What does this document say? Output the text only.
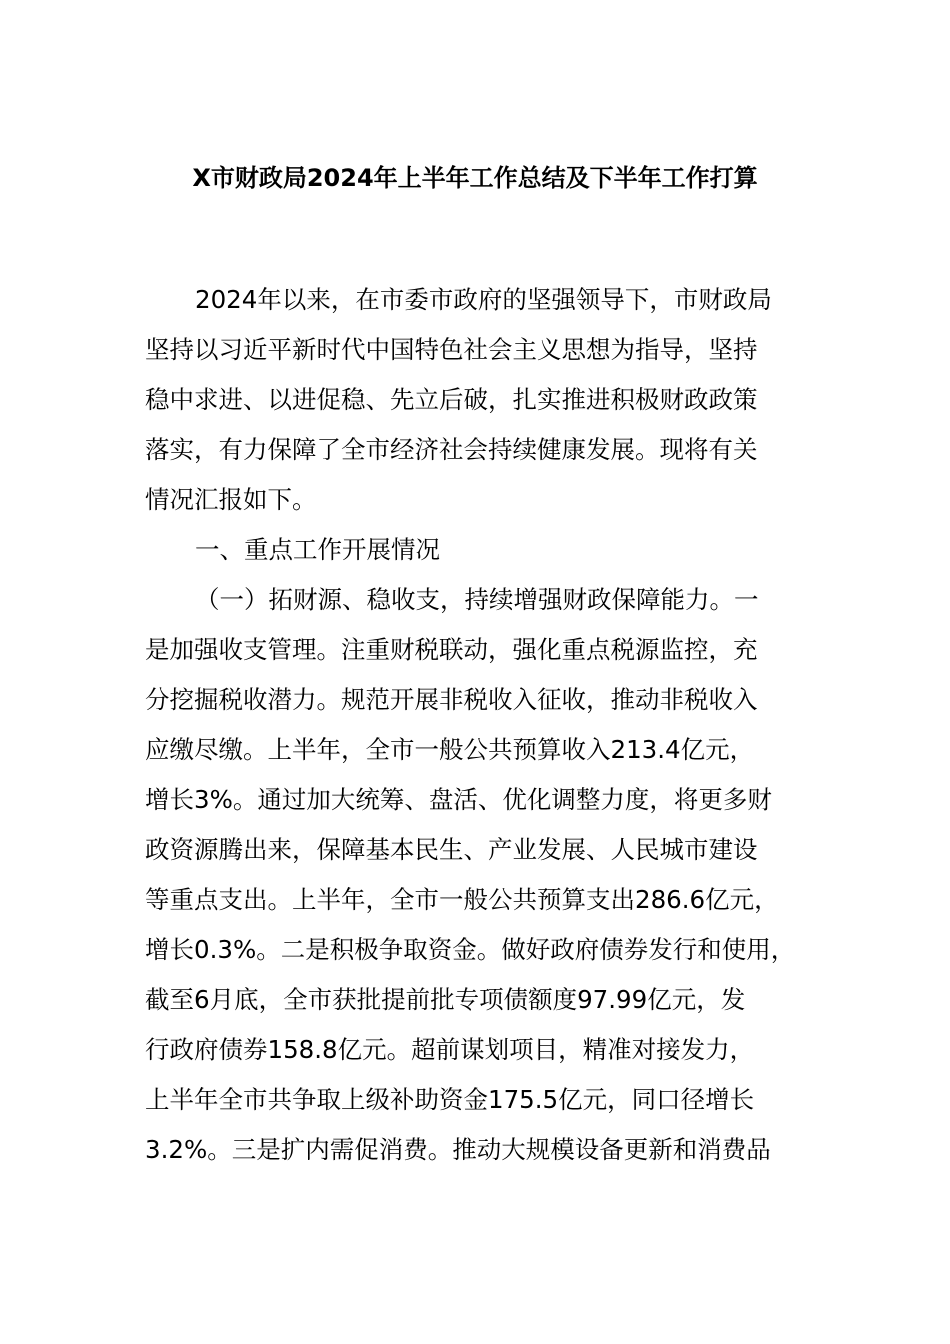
X市财政局2024年上半年工作总结及下半年工作打算
2024年以来，在市委市政府的坚强领导下，市财政局
坚持以习近平新时代中国特色社会主义思想为指导，坚持
稳中求进、以进促稳、先立后破，扎实推进积极财政政策
落实，有力保障了全市经济社会持续健康发展。现将有关
情况汇报如下。
一、重点工作开展情况
（一）拓财源、稳收支，持续增强财政保障能力。一
是加强收支管理。注重财税联动，强化重点税源监控，充
分挖掘税收潜力。规范开展非税收入征收，推动非税收入
应缴尽缴。上半年，全市一般公共预算收入213.4亿元，
增长3%。通过加大统筹、盘活、优化调整力度，将更多财
政资源腾出来，保障基本民生、产业发展、人民城市建设
等重点支出。上半年，全市一般公共预算支出286.6亿元，
增长0.3%。二是积极争取资金。做好政府债券发行和使用，
截至6月底，全市获批提前批专项债额度97.99亿元，发
行政府债券158.8亿元。超前谋划项目，精准对接发力，
上半年全市共争取上级补助资金175.5亿元，同口径增长
3.2%。三是扩内需促消费。推动大规模设备更新和消费品
